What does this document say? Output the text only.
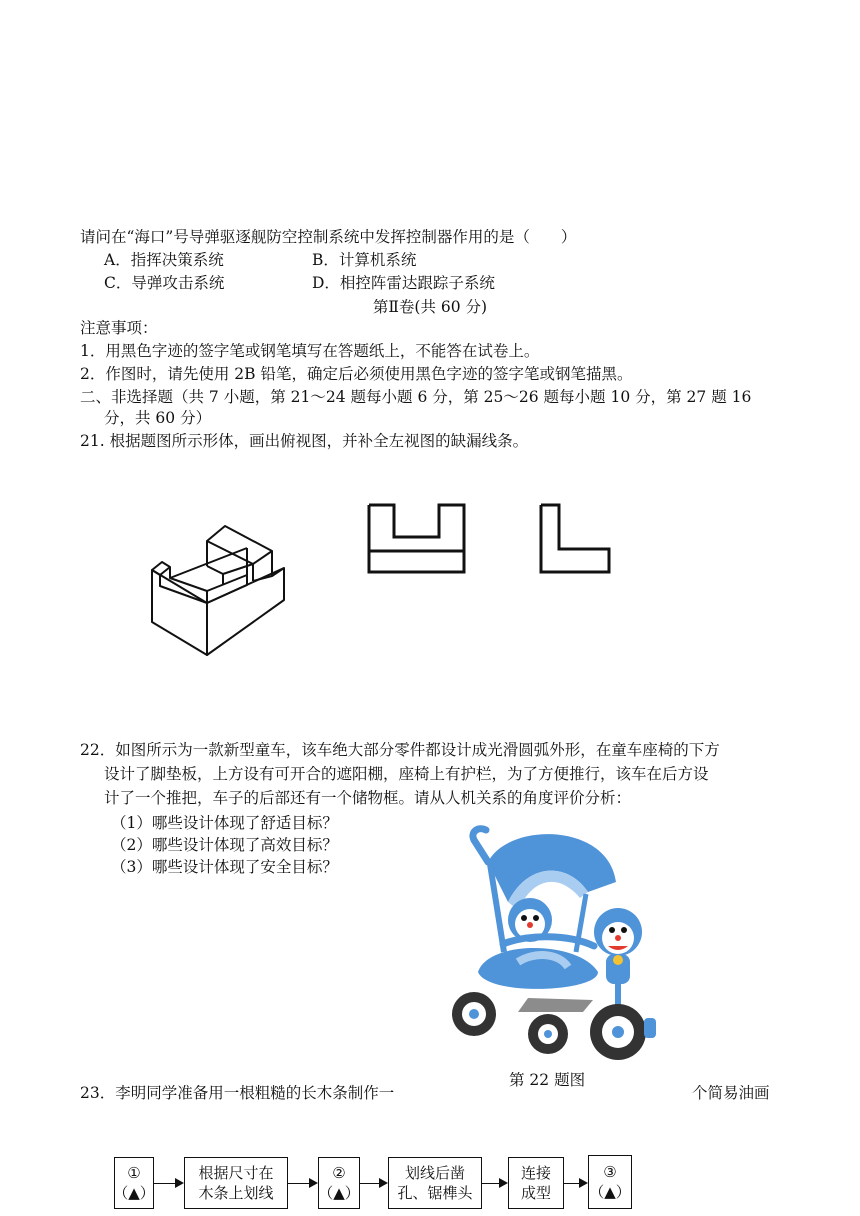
请问在“海口”号导弹驱逐舰防空控制系统中发挥控制器作用的是（　　）
A．指挥决策系统	B．计算机系统
C．导弹攻击系统	D．相控阵雷达跟踪子系统
第Ⅱ卷(共 60 分)
注意事项：
1．用黑色字迹的签字笔或钢笔填写在答题纸上，不能答在试卷上。
2．作图时，请先使用 2B 铅笔，确定后必须使用黑色字迹的签字笔或钢笔描黑。
二、非选择题（共 7 小题，第 21～24 题每小题 6 分，第 25～26 题每小题 10 分，第 27 题 16
分，共 60 分）
21. 根据题图所示形体，画出俯视图，并补全左视图的缺漏线条。
22．如图所示为一款新型童车，该车绝大部分零件都设计成光滑圆弧外形，在童车座椅的下方
设计了脚垫板，上方设有可开合的遮阳棚，座椅上有护栏，为了方便推行，该车在后方设
计了一个推把，车子的后部还有一个储物框。请从人机关系的角度评价分析：
（1）哪些设计体现了舒适目标？
（2）哪些设计体现了高效目标？
（3）哪些设计体现了安全目标？
第 22 题图
23．李明同学准备用一根粗糙的长木条制作一	个简易油画
①
（▲）
根据尺寸在
木条上划线
②
（▲）
划线后凿
孔、锯榫头
连接
成型
③
（▲）
